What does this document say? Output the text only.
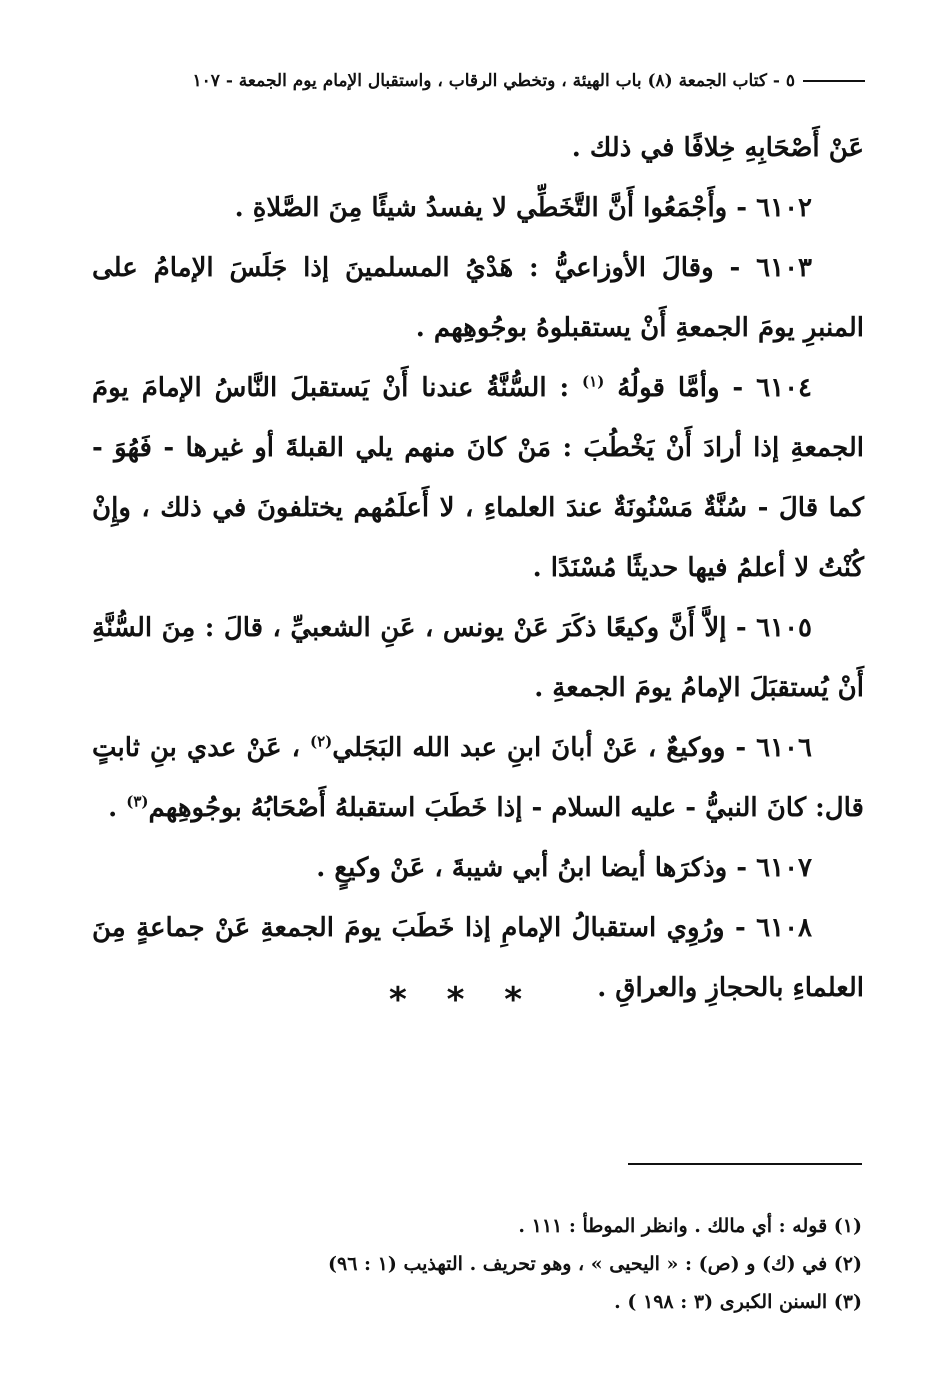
٥ - كتاب الجمعة (٨) باب الهيئة ، وتخطي الرقاب ، واستقبال الإمام يوم الجمعة - ١٠٧

عَنْ أَصْحَابِهِ خِلافًا في ذلك .

٦١٠٢ - وأَجْمَعُوا أَنَّ التَّخَطِّي لا يفسدُ شيئًا مِنَ الصَّلاةِ .

٦١٠٣ - وقالَ الأوزاعيُّ : هَدْيُ المسلمينَ إذا جَلَسَ الإمامُ على المنبرِ يومَ الجمعةِ أَنْ يستقبلوهُ بوجُوهِهم .

٦١٠٤ - وأمَّا قولُهُ $^{(١)}$ : السُّنَّةُ عندنا أَنْ يَستقبلَ النَّاسُ الإمامَ يومَ الجمعةِ إذا أرادَ أَنْ يَخْطُبَ : مَنْ كانَ منهم يلي القبلةَ أو غيرها - فَهُوَ - كما قالَ - سُنَّةٌ مَسْنُونَةٌ عندَ العلماءِ ، لا أَعلَمُهم يختلفونَ في ذلك ، وإِنْ كُنْتُ لا أعلمُ فيها حديثًا مُسْنَدًا .

٦١٠٥ - إلاَّ أَنَّ وكيعًا ذكَرَ عَنْ يونس ، عَنِ الشعبيِّ ، قالَ : مِنَ السُّنَّةِ أَنْ يُستقبَلَ الإمامُ يومَ الجمعةِ .

٦١٠٦ - ووكيعٌ ، عَنْ أبانَ ابنِ عبد الله البَجَلي$^{(٢)}$ ، عَنْ عدي بنِ ثابتٍ قال: كانَ النبيُّ - عليه السلام - إذا خَطَبَ استقبلهُ أَصْحَابُهُ بوجُوهِهم$^{(٣)}$ .

٦١٠٧ - وذكرَها أيضا ابنُ أبي شيبةَ ، عَنْ وكيعٍ .

٦١٠٨ - ورُوِي استقبالُ الإمامِ إذا خَطَبَ يومَ الجمعةِ عَنْ جماعةٍ مِنَ العلماءِ بالحجازِ والعراقِ .

* * *

(١) قوله : أي مالك . وانظر الموطأ : ١١١ .

(٢) في (ك) و (ص) : « اليحيى » ، وهو تحريف . التهذيب (١ : ٩٦)

(٣) السنن الكبرى (٣ : ١٩٨ ) .
